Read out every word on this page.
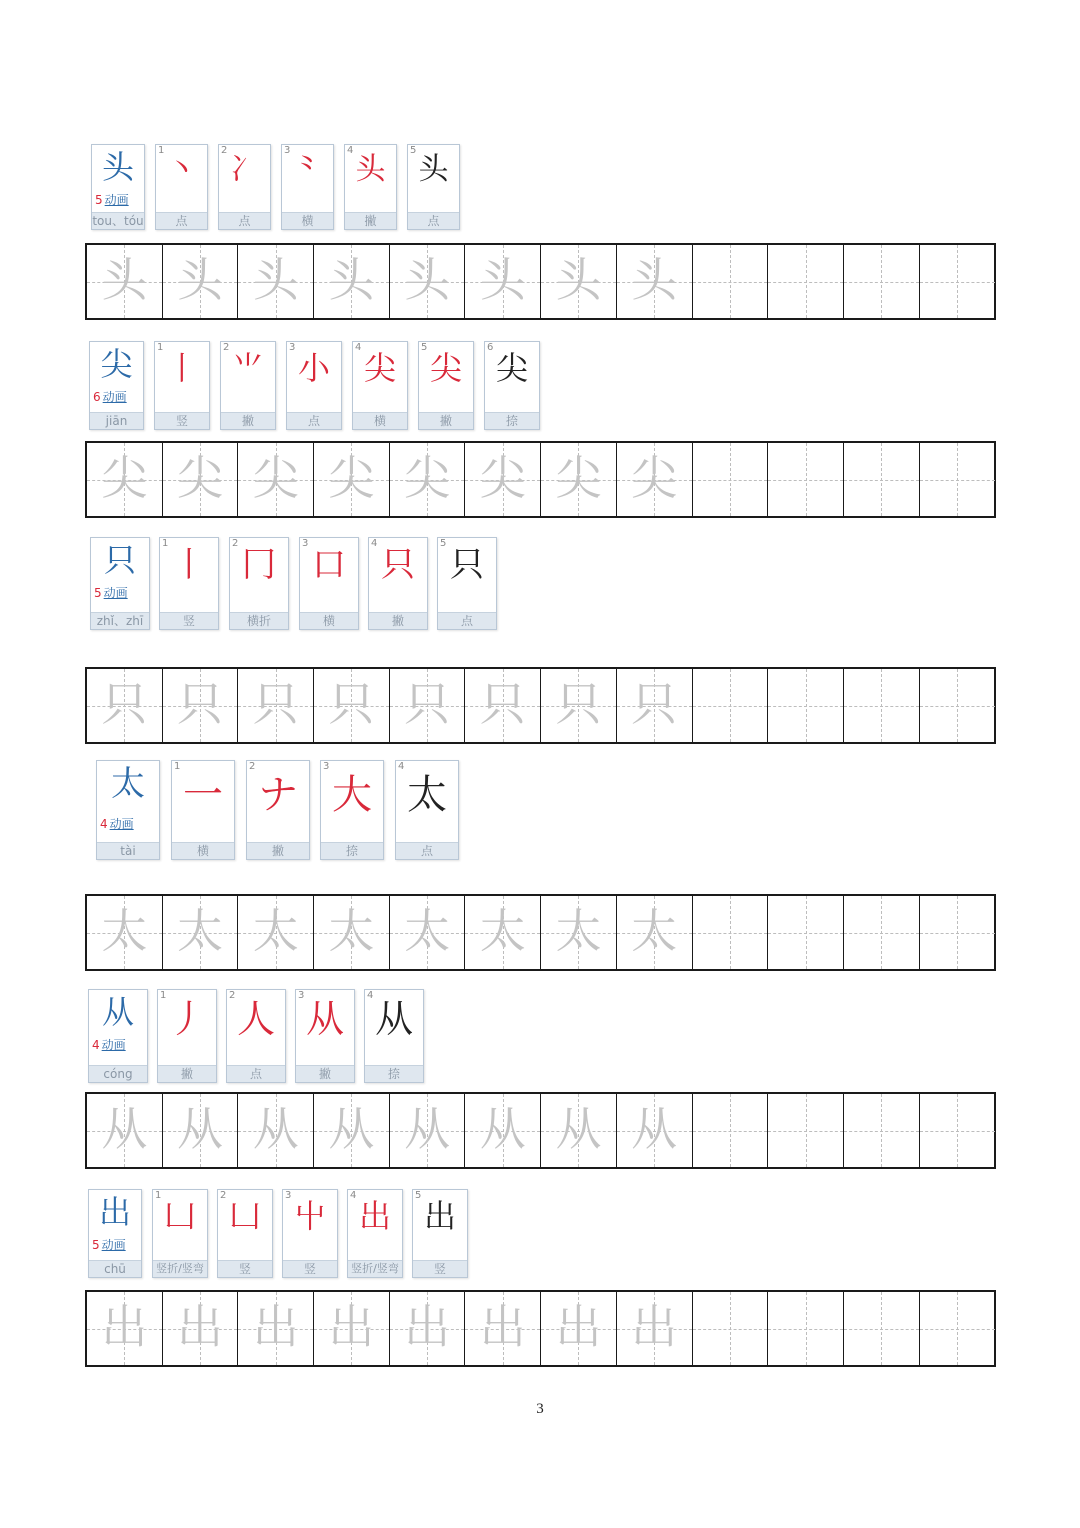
头
5 动画
tou、tóu
1
丶
点
2
冫
点
3
⺀
横
4
头
撇
5
头
点
头 头 头 头 头 头 头 头
尖
6 动画
jiān
1
丨
竖
2
⺌
撇
3
小
点
4
尖
横
5
尖
撇
6
尖
捺
尖 尖 尖 尖 尖 尖 尖 尖
只
5 动画
zhǐ、zhī
1
丨
竖
2
冂
横折
3
口
横
4
只
撇
5
只
点
只 只 只 只 只 只 只 只
太
4 动画
tài
1
一
横
2
ナ
撇
3
大
捺
4
太
点
太 太 太 太 太 太 太 太
从
4 动画
cóng
1
丿
撇
2
人
点
3
从
撇
4
从
捺
从 从 从 从 从 从 从 从
出
5 动画
chū
1
凵
竖折/竖弯
2
凵
竖
3
屮
竖
4
出
竖折/竖弯
5
出
竖
出 出 出 出 出 出 出 出
3
